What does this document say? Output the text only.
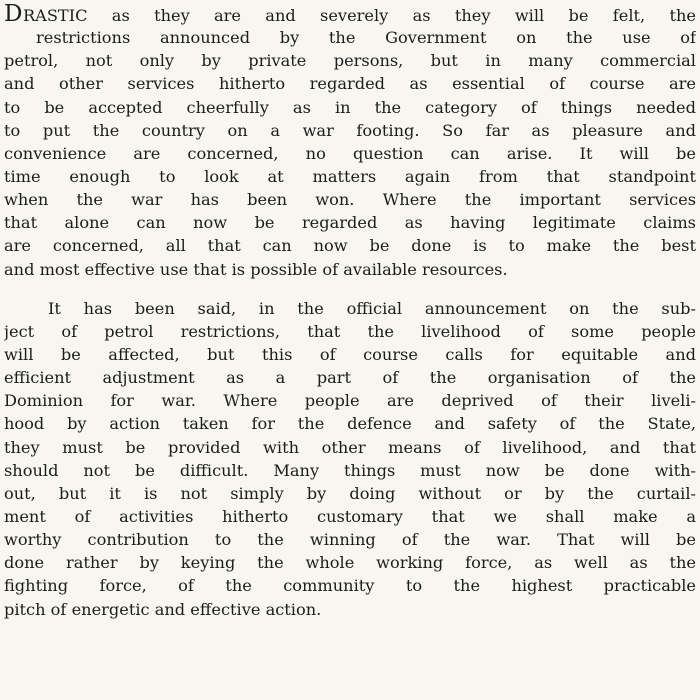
DRASTIC as they are and severely as they will be felt, the
restrictions announced by the Government on the use of
petrol, not only by private persons, but in many commercial
and other services hitherto regarded as essential of course are
to be accepted cheerfully as in the category of things needed
to put the country on a war footing. So far as pleasure and
convenience are concerned, no question can arise. It will be
time enough to look at matters again from that standpoint
when the war has been won. Where the important services
that alone can now be regarded as having legitimate claims
are concerned, all that can now be done is to make the best
and most effective use that is possible of available resources.
It has been said, in the official announcement on the sub-
ject of petrol restrictions, that the livelihood of some people
will be affected, but this of course calls for equitable and
efficient adjustment as a part of the organisation of the
Dominion for war. Where people are deprived of their liveli-
hood by action taken for the defence and safety of the State,
they must be provided with other means of livelihood, and that
should not be difficult. Many things must now be done with-
out, but it is not simply by doing without or by the curtail-
ment of activities hitherto customary that we shall make a
worthy contribution to the winning of the war. That will be
done rather by keying the whole working force, as well as the
fighting force, of the community to the highest practicable
pitch of energetic and effective action.
